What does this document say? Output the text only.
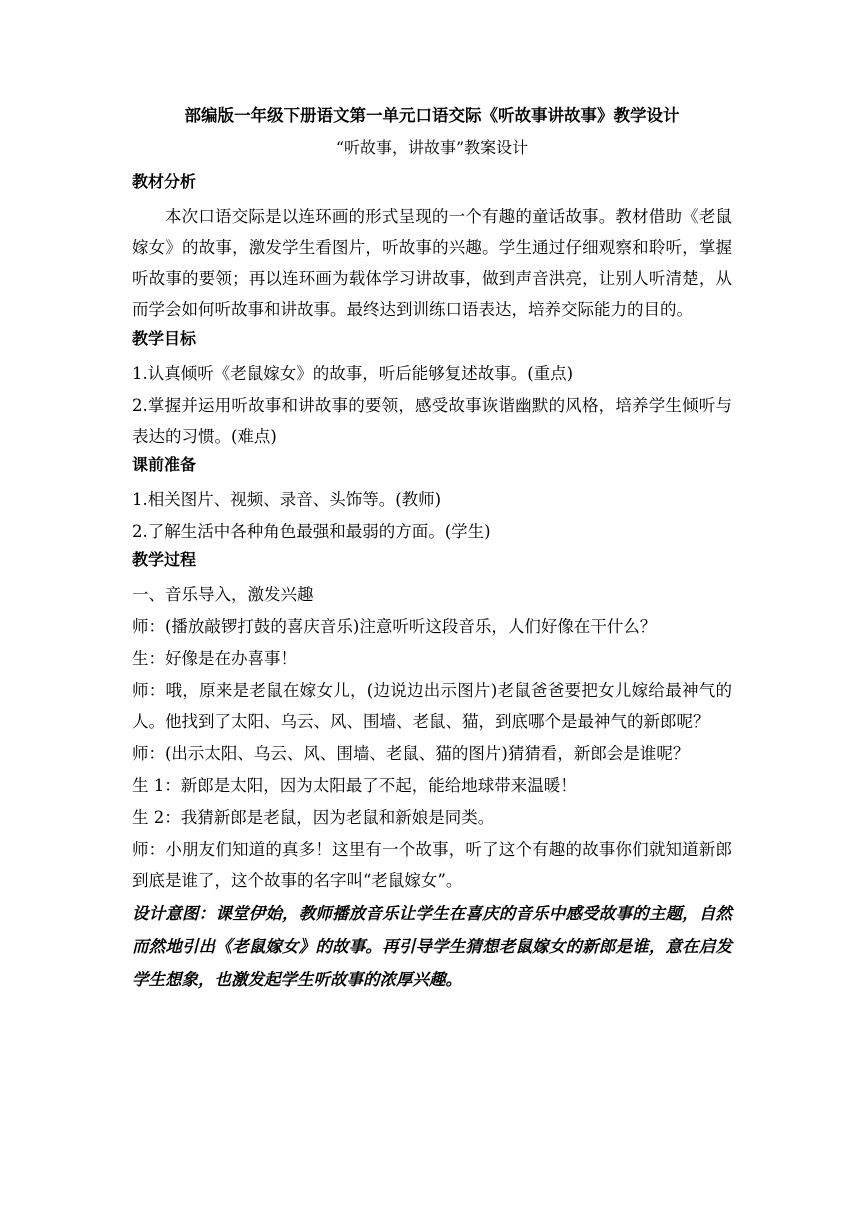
部编版一年级下册语文第一单元口语交际《听故事讲故事》教学设计
“听故事，讲故事”教案设计
教材分析

本次口语交际是以连环画的形式呈现的一个有趣的童话故事。教材借助《老鼠嫁女》的故事，激发学生看图片，听故事的兴趣。学生通过仔细观察和聆听，掌握听故事的要领；再以连环画为载体学习讲故事，做到声音洪亮，让别人听清楚，从而学会如何听故事和讲故事。最终达到训练口语表达，培养交际能力的目的。

教学目标

1.认真倾听《老鼠嫁女》的故事，听后能够复述故事。(重点)

2.掌握并运用听故事和讲故事的要领，感受故事诙谐幽默的风格，培养学生倾听与表达的习惯。(难点)

课前准备

1.相关图片、视频、录音、头饰等。(教师)

2.了解生活中各种角色最强和最弱的方面。(学生)

教学过程

一、音乐导入，激发兴趣

师：(播放敲锣打鼓的喜庆音乐)注意听听这段音乐，人们好像在干什么？

生：好像是在办喜事！

师：哦，原来是老鼠在嫁女儿，(边说边出示图片)老鼠爸爸要把女儿嫁给最神气的人。他找到了太阳、乌云、风、围墙、老鼠、猫，到底哪个是最神气的新郎呢？

师：(出示太阳、乌云、风、围墙、老鼠、猫的图片)猜猜看，新郎会是谁呢？

生 1：新郎是太阳，因为太阳最了不起，能给地球带来温暖！

生 2：我猜新郎是老鼠，因为老鼠和新娘是同类。

师：小朋友们知道的真多！这里有一个故事，听了这个有趣的故事你们就知道新郎到底是谁了，这个故事的名字叫“老鼠嫁女”。

设计意图：课堂伊始，教师播放音乐让学生在喜庆的音乐中感受故事的主题，自然而然地引出《老鼠嫁女》的故事。再引导学生猜想老鼠嫁女的新郎是谁，意在启发学生想象，也激发起学生听故事的浓厚兴趣。
